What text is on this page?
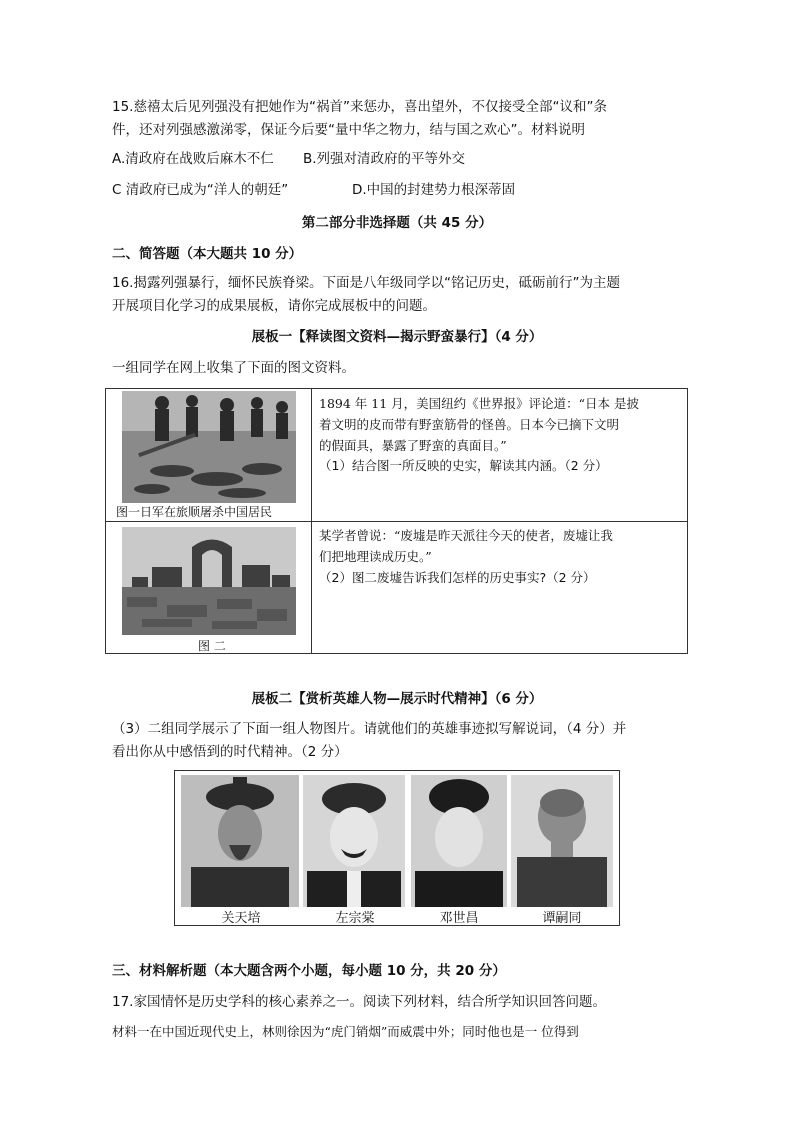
15.慈禧太后见列强没有把她作为“祸首”来惩办，喜出望外，不仅接受全部“议和”条
件，还对列强感激涕零，保证今后要“量中华之物力，结与国之欢心”。材料说明
A.清政府在战败后麻木不仁 B.列强对清政府的平等外交
C 清政府已成为“洋人的朝廷”	D.中国的封建势力根深蒂固
第二部分非选择题（共 45 分）
二、简答题（本大题共 10 分）
16.揭露列强暴行，缅怀民族脊梁。下面是八年级同学以“铭记历史，砥砺前行”为主题
开展项目化学习的成果展板，请你完成展板中的问题。
展板一【释读图文资料—揭示野蛮暴行】（4 分）
一组同学在网上收集了下面的图文资料。
图一日军在旅顺屠杀中国居民
1894 年 11 月，美国纽约《世界报》评论道：“日本 是披
着文明的皮而带有野蛮筋骨的怪兽。日本今已摘下文明
的假面具，暴露了野蛮的真面目。”
（1）结合图一所反映的史实，解读其内涵。（2 分）
图 二
某学者曾说：“废墟是昨天派往今天的使者，废墟让我
们把地理读成历史。”
（2）图二废墟告诉我们怎样的历史事实?（2 分）
展板二【赏析英雄人物—展示时代精神】（6 分）
（3）二组同学展示了下面一组人物图片。请就他们的英雄事迹拟写解说词，（4 分）并
看出你从中感悟到的时代精神。（2 分）
关天培	左宗棠	邓世昌	谭嗣同
三、材料解析题（本大题含两个小题，每小题 10 分，共 20 分）
17.家国情怀是历史学科的核心素养之一。阅读下列材料，结合所学知识回答问题。
材料一在中国近现代史上，林则徐因为“虎门销烟”而威震中外；同时他也是一 位得到
